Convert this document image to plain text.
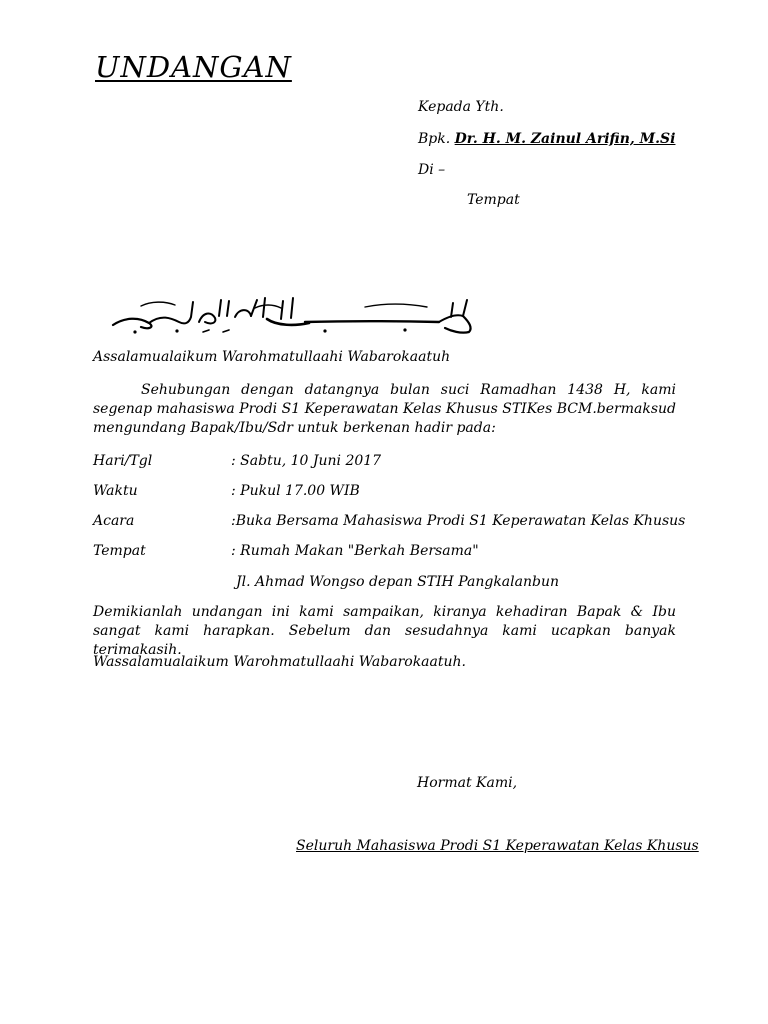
UNDANGAN
Kepada Yth.
Bpk. Dr. H. M. Zainul Arifin, M.Si
Di –
Tempat
Assalamualaikum Warohmatullaahi Wabarokaatuh
Sehubungan dengan datangnya bulan suci Ramadhan 1438 H, kami segenap mahasiswa Prodi S1 Keperawatan Kelas Khusus STIKes BCM.bermaksud mengundang Bapak/Ibu/Sdr untuk berkenan hadir pada:
Hari/Tgl	: Sabtu, 10 Juni 2017
Waktu	: Pukul 17.00 WIB
Acara	:Buka Bersama Mahasiswa Prodi S1 Keperawatan Kelas Khusus
Tempat	: Rumah Makan "Berkah Bersama"
Jl. Ahmad Wongso depan STIH Pangkalanbun
Demikianlah undangan ini kami sampaikan, kiranya kehadiran Bapak & Ibu sangat kami harapkan. Sebelum dan sesudahnya kami ucapkan banyak terimakasih.
Wassalamualaikum Warohmatullaahi Wabarokaatuh.
Hormat Kami,
Seluruh Mahasiswa Prodi S1 Keperawatan Kelas Khusus
